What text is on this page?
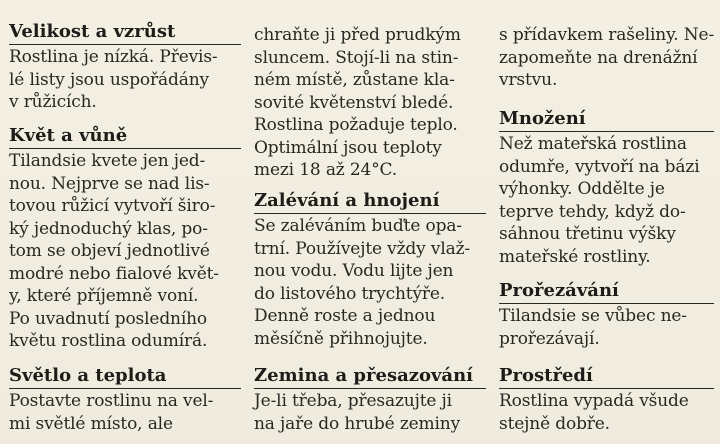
Velikost a vzrůst
Rostlina je nízká. Převis-
lé listy jsou uspořádány
v růžicích.
Květ a vůně
Tilandsie kvete jen jed-
nou. Nejprve se nad lis-
tovou růžicí vytvoří širo-
ký jednoduchý klas, po-
tom se objeví jednotlivé
modré nebo fialové květ-
y, které příjemně voní.
Po uvadnutí posledního
květu rostlina odumírá.
Světlo a teplota
Postavte rostlinu na vel-
mi světlé místo, ale
chraňte ji před prudkým
sluncem. Stojí-li na stin-
ném místě, zůstane kla-
sovité květenství bledé.
Rostlina požaduje teplo.
Optimální jsou teploty
mezi 18 až 24°C.
Zalévání a hnojení
Se zaléváním buďte opa-
trní. Používejte vždy vlaž-
nou vodu. Vodu lijte jen
do listového trychtýře.
Denně roste a jednou
měsíčně přihnojujte.
Zemina a přesazování
Je-li třeba, přesazujte ji
na jaře do hrubé zeminy
s přídavkem rašeliny. Ne-
zapomeňte na drenážní
vrstvu.
Množení
Než mateřská rostlina
odumře, vytvoří na bázi
výhonky. Oddělte je
teprve tehdy, když do-
sáhnou třetinu výšky
mateřské rostliny.
Prořezávání
Tilandsie se vůbec ne-
prořezávají.
Prostředí
Rostlina vypadá všude
stejně dobře.
